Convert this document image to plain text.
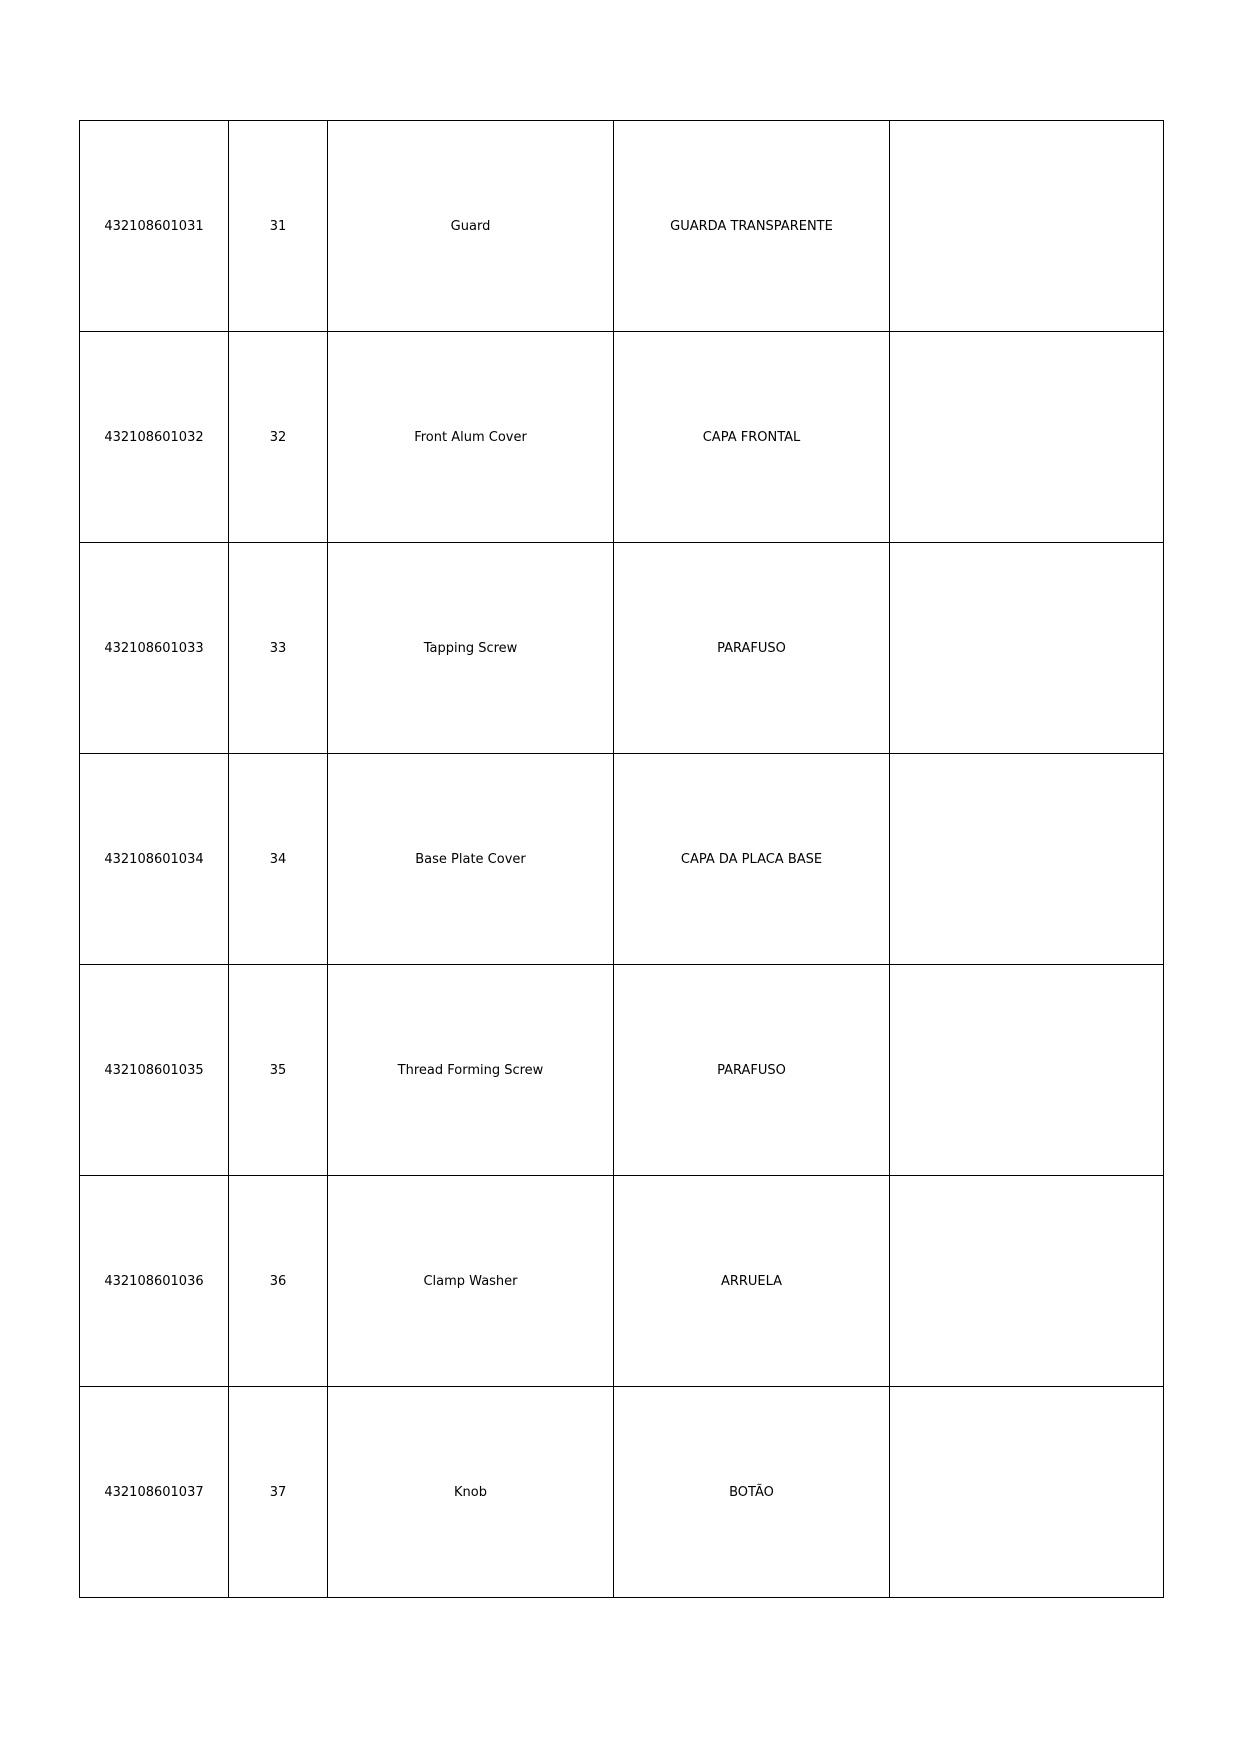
432108601031	31	Guard	GUARDA TRANSPARENTE	
432108601032	32	Front Alum Cover	CAPA FRONTAL	
432108601033	33	Tapping Screw	PARAFUSO	
432108601034	34	Base Plate Cover	CAPA DA PLACA BASE	
432108601035	35	Thread Forming Screw	PARAFUSO	
432108601036	36	Clamp Washer	ARRUELA	
432108601037	37	Knob	BOTÃO	
